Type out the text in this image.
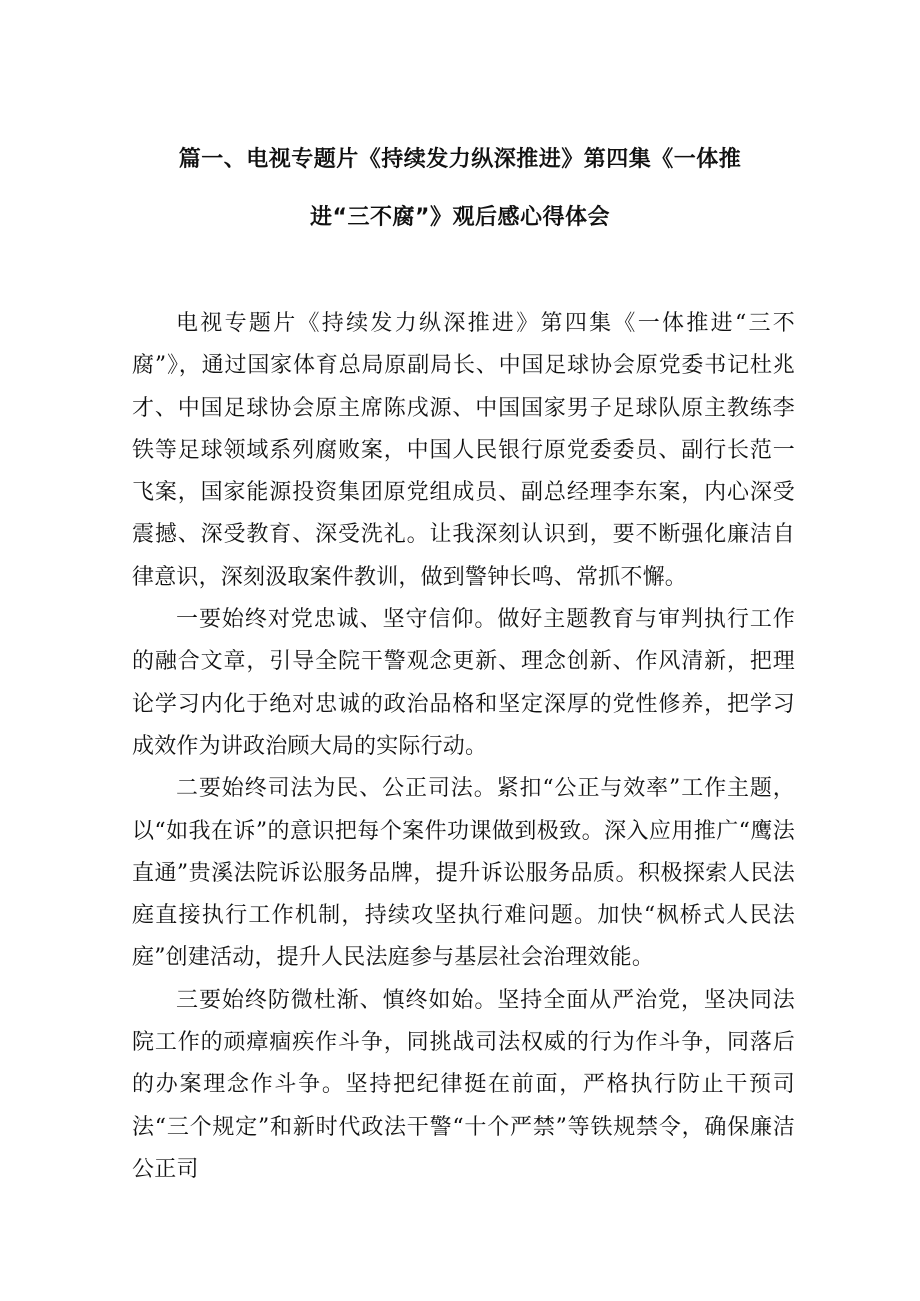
篇一、电视专题片《持续发力纵深推进》第四集《一体推
进“三不腐”》观后感心得体会

电视专题片《持续发力纵深推进》第四集《一体推进“三不腐”》，通过国家体育总局原副局长、中国足球协会原党委书记杜兆才、中国足球协会原主席陈戌源、中国国家男子足球队原主教练李铁等足球领域系列腐败案，中国人民银行原党委委员、副行长范一飞案，国家能源投资集团原党组成员、副总经理李东案，内心深受震撼、深受教育、深受洗礼。让我深刻认识到，要不断强化廉洁自律意识，深刻汲取案件教训，做到警钟长鸣、常抓不懈。

一要始终对党忠诚、坚守信仰。做好主题教育与审判执行工作的融合文章，引导全院干警观念更新、理念创新、作风清新，把理论学习内化于绝对忠诚的政治品格和坚定深厚的党性修养，把学习成效作为讲政治顾大局的实际行动。

二要始终司法为民、公正司法。紧扣“公正与效率”工作主题，以“如我在诉”的意识把每个案件功课做到极致。深入应用推广“鹰法直通”贵溪法院诉讼服务品牌，提升诉讼服务品质。积极探索人民法庭直接执行工作机制，持续攻坚执行难问题。加快“枫桥式人民法庭”创建活动，提升人民法庭参与基层社会治理效能。

三要始终防微杜渐、慎终如始。坚持全面从严治党，坚决同法院工作的顽瘴痼疾作斗争，同挑战司法权威的行为作斗争，同落后的办案理念作斗争。坚持把纪律挺在前面，严格执行防止干预司法“三个规定”和新时代政法干警“十个严禁”等铁规禁令，确保廉洁公正司
